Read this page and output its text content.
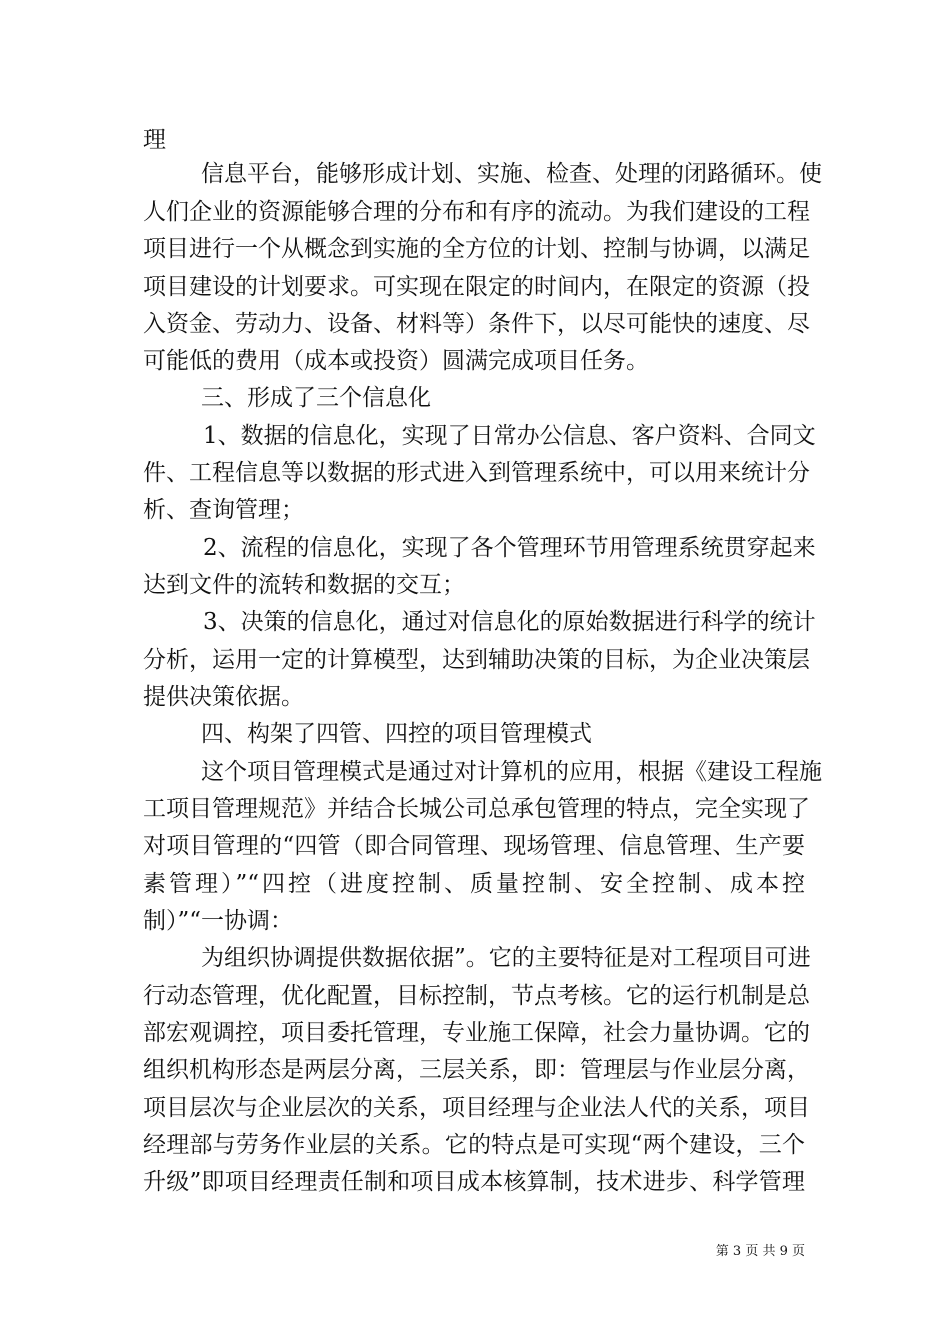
理

信息平台，能够形成计划、实施、检查、处理的闭路循环。使

人们企业的资源能够合理的分布和有序的流动。为我们建设的工程

项目进行一个从概念到实施的全方位的计划、控制与协调，以满足

项目建设的计划要求。可实现在限定的时间内，在限定的资源（投

入资金、劳动力、设备、材料等）条件下，以尽可能快的速度、尽

可能低的费用（成本或投资）圆满完成项目任务。

三、形成了三个信息化

1、数据的信息化，实现了日常办公信息、客户资料、合同文

件、工程信息等以数据的形式进入到管理系统中，可以用来统计分

析、查询管理；

2、流程的信息化，实现了各个管理环节用管理系统贯穿起来

达到文件的流转和数据的交互；

3、决策的信息化，通过对信息化的原始数据进行科学的统计

分析，运用一定的计算模型，达到辅助决策的目标，为企业决策层

提供决策依据。

四、构架了四管、四控的项目管理模式

这个项目管理模式是通过对计算机的应用，根据《建设工程施

工项目管理规范》并结合长城公司总承包管理的特点，完全实现了

对项目管理的“四管（即合同管理、现场管理、信息管理、生产要

素管理）”“四控（进度控制、质量控制、安全控制、成本控

制）”“一协调：

为组织协调提供数据依据”。它的主要特征是对工程项目可进

行动态管理，优化配置，目标控制，节点考核。它的运行机制是总

部宏观调控，项目委托管理，专业施工保障，社会力量协调。它的

组织机构形态是两层分离，三层关系，即：管理层与作业层分离，

项目层次与企业层次的关系，项目经理与企业法人代的关系，项目

经理部与劳务作业层的关系。它的特点是可实现“两个建设，三个

升级”即项目经理责任制和项目成本核算制，技术进步、科学管理

第 3 页 共 9 页
